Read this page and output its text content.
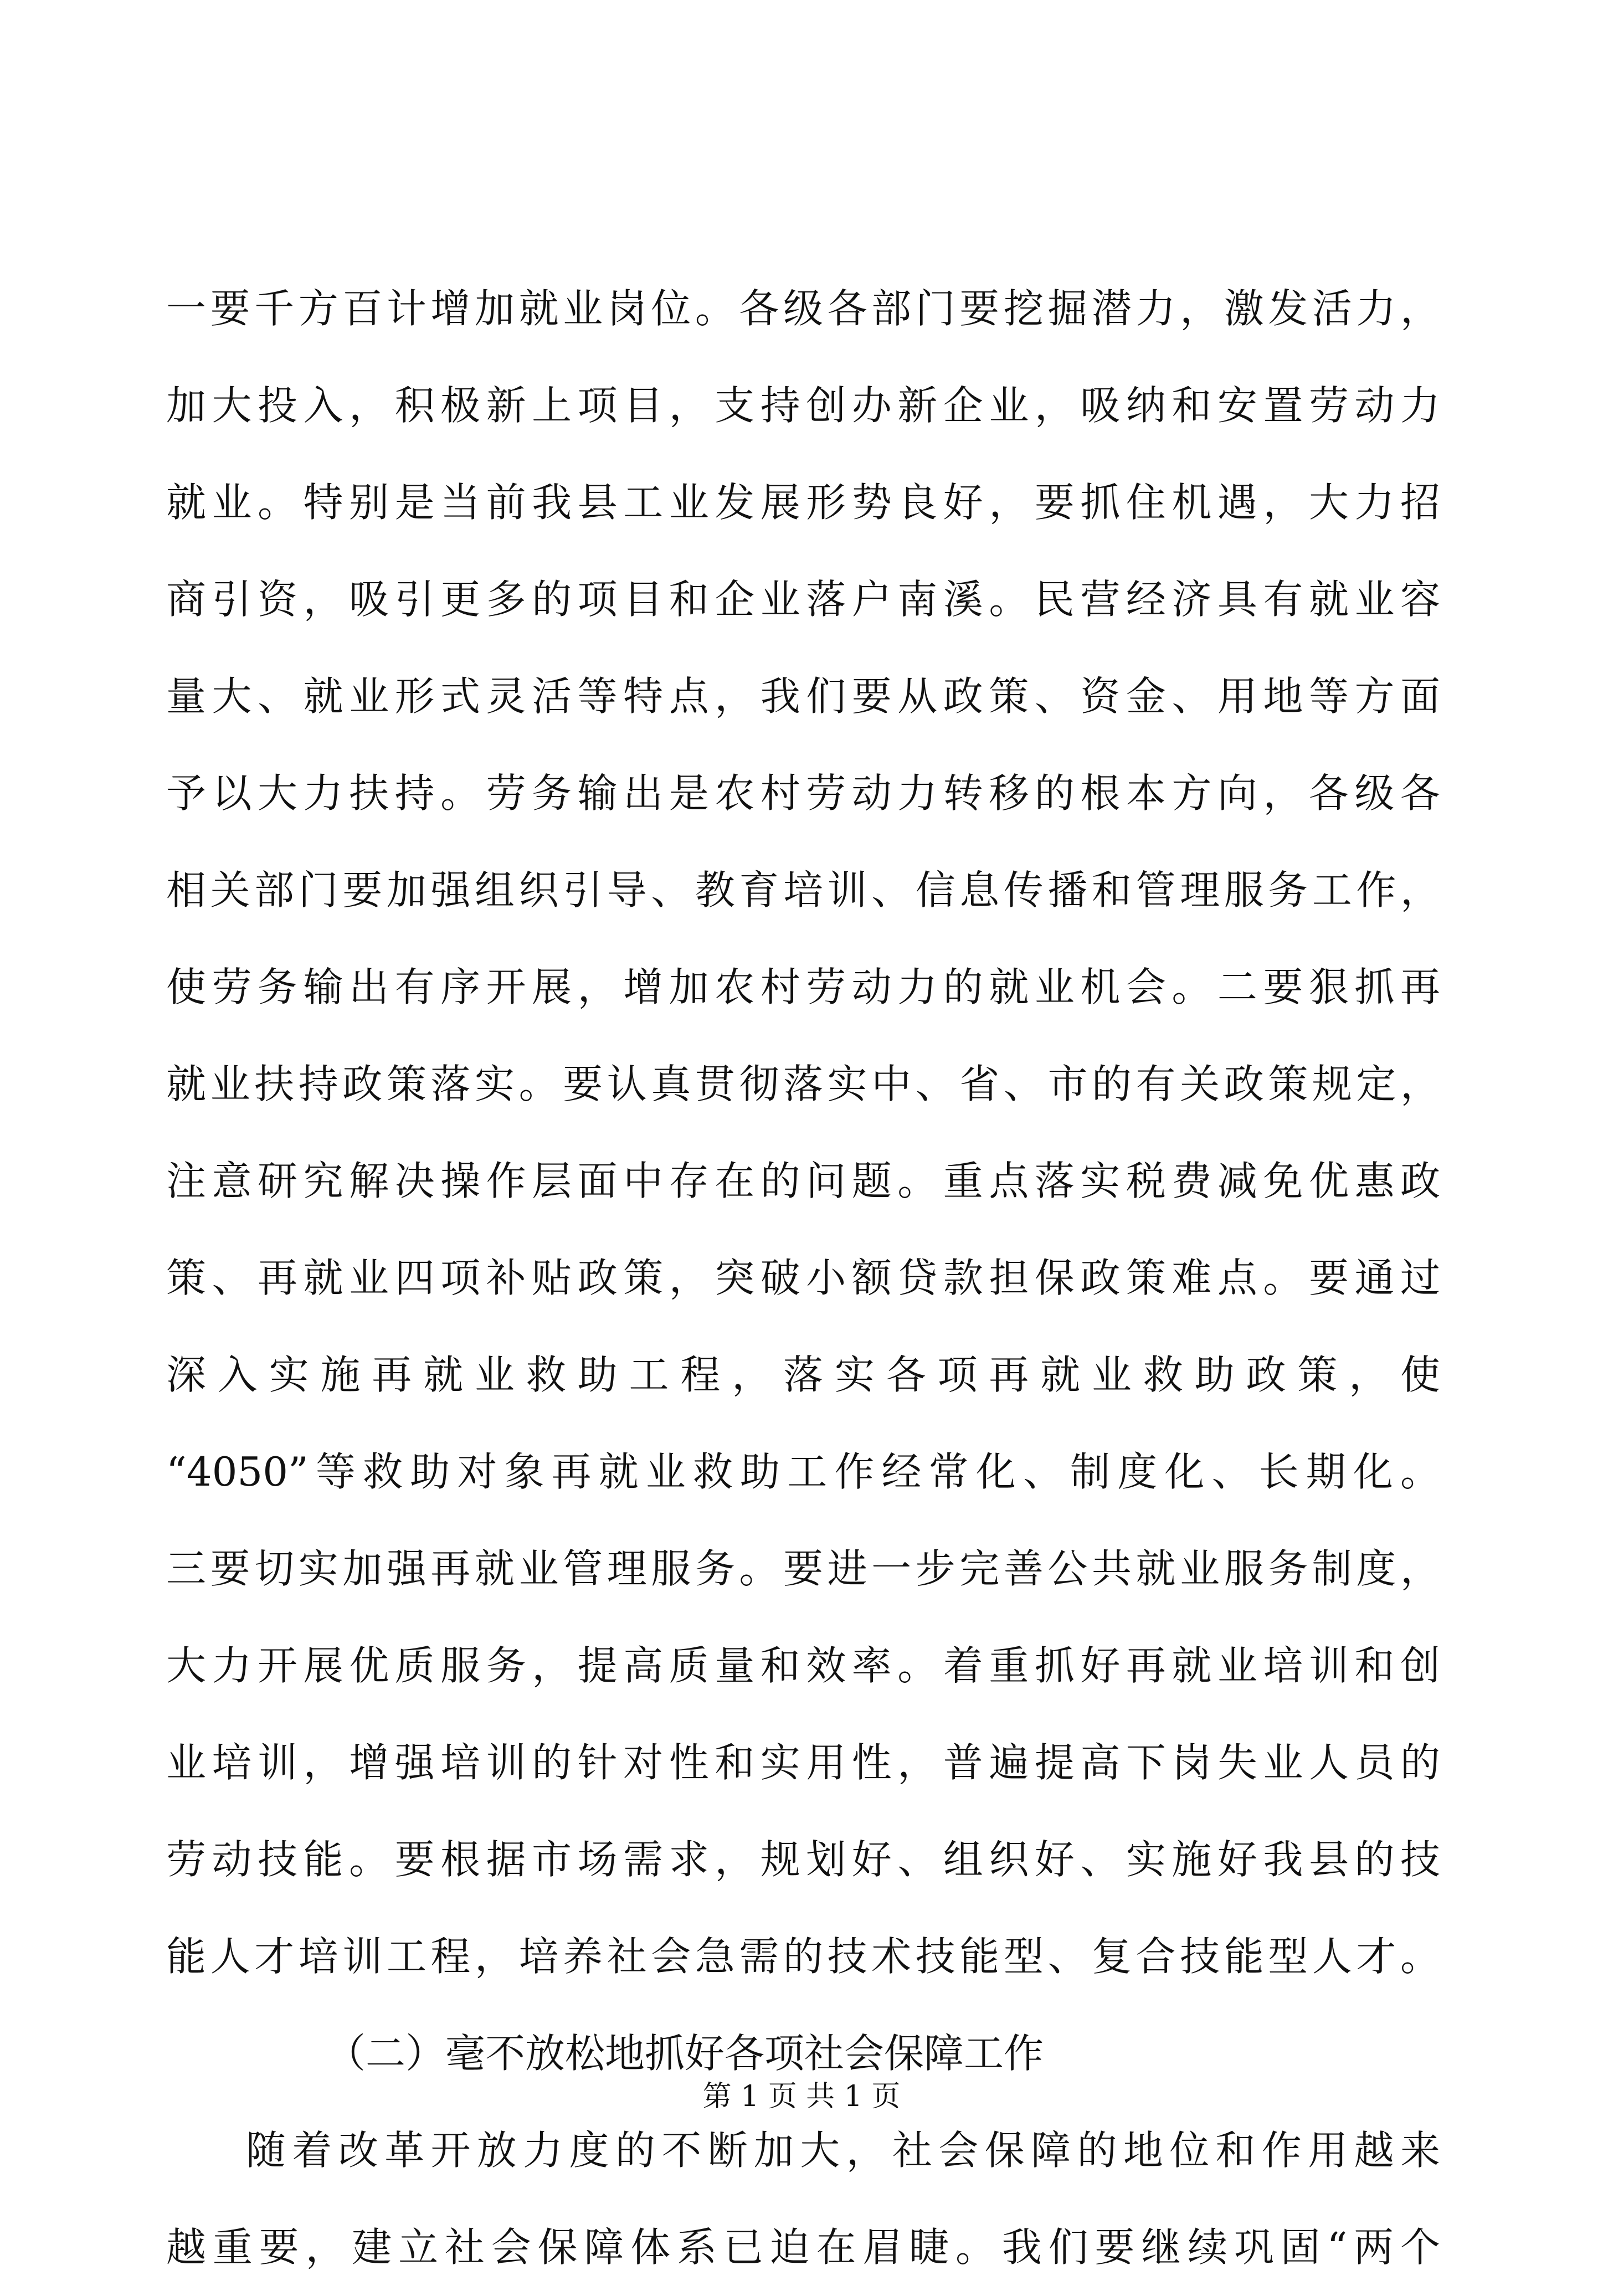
一要千方百计增加就业岗位。各级各部门要挖掘潜力，激发活力，
加大投入，积极新上项目，支持创办新企业，吸纳和安置劳动力
就业。特别是当前我县工业发展形势良好，要抓住机遇，大力招
商引资，吸引更多的项目和企业落户南溪。民营经济具有就业容
量大、就业形式灵活等特点，我们要从政策、资金、用地等方面
予以大力扶持。劳务输出是农村劳动力转移的根本方向，各级各
相关部门要加强组织引导、教育培训、信息传播和管理服务工作，
使劳务输出有序开展，增加农村劳动力的就业机会。二要狠抓再
就业扶持政策落实。要认真贯彻落实中、省、市的有关政策规定，
注意研究解决操作层面中存在的问题。重点落实税费减免优惠政
策、再就业四项补贴政策，突破小额贷款担保政策难点。要通过
深入实施再就业救助工程，落实各项再就业救助政策，使
“4050”等救助对象再就业救助工作经常化、制度化、长期化。
三要切实加强再就业管理服务。要进一步完善公共就业服务制度，
大力开展优质服务，提高质量和效率。着重抓好再就业培训和创
业培训，增强培训的针对性和实用性，普遍提高下岗失业人员的
劳动技能。要根据市场需求，规划好、组织好、实施好我县的技
能人才培训工程，培养社会急需的技术技能型、复合技能型人才。
（二）毫不放松地抓好各项社会保障工作
随着改革开放力度的不断加大，社会保障的地位和作用越来
越重要，建立社会保障体系已迫在眉睫。我们要继续巩固“两个
第 1 页 共 1 页
